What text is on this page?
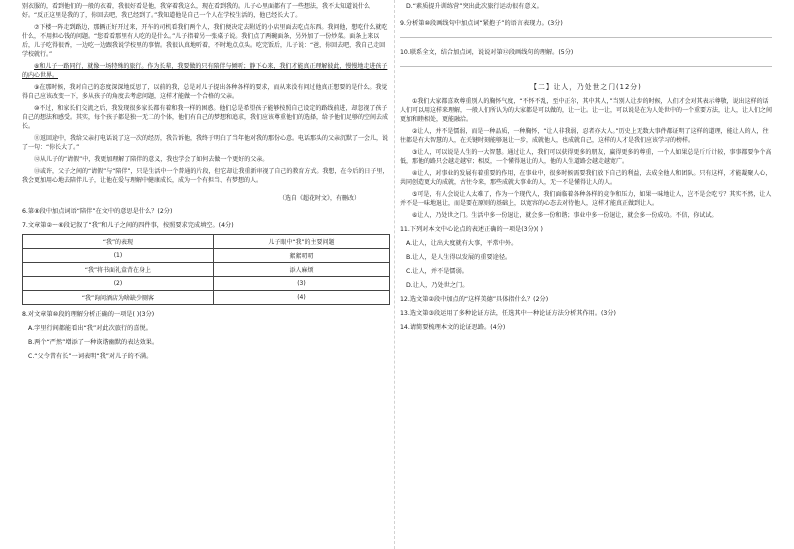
别衣服的，看到他们的一般的衣着，我很好看是他，我穿着我这么，现在看到我的。儿子心里面都有了一些想法，我不太知道说什么好。“反正这里是我的了，你回去吧，我已经到了。”我知道他是自己一个人在学校生活的，他已经长大了。

⑦下楼一阵走到路边，那辆正好开过来，开车的司机看我们两个人，我们便决定去附近的小店里面去吃点东西。我问他，想吃什么就吃什么，不用担心钱的问题。“您看看那里有人吃的是什么。”儿子指着另一张桌子说。我们点了两碗面条，另外加了一份炒菜。面条上来以后，儿子吃得很香，一边吃一边跟我说学校里的事情。我很认真地听着，不时地点点头。吃完饭后，儿子说：“爸，你回去吧，我自己走回学校就行。”

⑧和儿子一路同行，就像一场特殊的旅行。作为长辈，我要做的只有陪伴与倾听；静下心来，我们才能真正理解彼此，慢慢地走进孩子的内心世界。

⑨在那时候，我对自己的态度深深地反思了，以前的我，总是对儿子提出各种各样的要求，而从来没有问过他真正想要的是什么。我觉得自己应该改变一下，多从孩子的角度去考虑问题，这样才能做一个合格的父亲。

⑩不过，和家长们交流之后，我发现很多家长都有着和我一样的困惑。他们总是希望孩子能够按照自己设定的路线前进，却忽视了孩子自己的想法和感受。其实，每个孩子都是独一无二的个体，他们有自己的梦想和追求，我们应该尊重他们的选择，给予他们足够的空间去成长。

⑪返回途中，我给父亲打电话说了这一次的经历，我告诉他，我终于明白了当年他对我的那份心意。电话那头的父亲沉默了一会儿，说了一句：“你长大了。”

⑫从儿子的“请假”中，我更加理解了陪伴的意义，我也学会了如何去做一个更好的父亲。

⑬或许，父子之间的“请假”与“陪伴”，只是生活中一个普通的片段，但它却让我重新审视了自己的教育方式。我想，在今后的日子里，我会更加用心地去陪伴儿子，让他在爱与理解中健康成长，成为一个有担当、有梦想的人。

（选自《超花时文》，有删改）

6.第⑧段中加点词语“陪伴”在文中的意思是什么？(2分)

7.文章第②～⑥段记叙了“我”和儿子之间的四件事，按照要求完成填空。(4分)

“我”的表现	儿子眼中“我”的主要问题
(1)	絮絮叨叨
“我”将书面礼盒背在身上	添人麻烦
(2)	(3)
“我”询问酒店为啥缺少厕客	(4)

8.对文章第⑩段的理解分析正确的一项是( )(3分)

A.字里行间都能看出“我”对此次旅行的喜悦。

B.两个“严然”增添了一种诙谐幽默的表达效果。

C.“父令昔有长”一词表明“我”对儿子的不满。

D.“素质提升训练营”突出此次旅行运动很有意义。

9.分析第⑩段画线句中加点词“紧抱子”的语言表现力。(3分)

10.联系全文，结合加点词，说说对第⑫段画线句的理解。(5分)

【二】让人，乃处世之门(12分)

①我们大家都喜欢尊重别人的胸怀气度，“不怀不乱，至中正尔，其中其人，”当别人让步的时候，人们才会对其表示尊敬，说出这样的话人们可以用这样来理解，一般人们所认为的大家都是可以做的，让一让。让一让，可以说是在为人处世中的一个重要方法，让人，让人们之间更加和睦相处，更能融洽。

②让人，并不是懦弱，而是一种品质，一种胸怀，“让人非我弱，忍者亦大人。”历史上无数大事件都证明了这样的道理，能让人的人，往往都是有大智慧的人，在关键时刻能够退让一步，成就他人，也成就自己，这样的人才是我们应该学习的榜样。

③让人，可以说是人生的一大智慧。通过让人，我们可以获得更多的朋友，赢得更多的尊重，一个人如果总是斤斤计较，事事都要争个高低，那他的路只会越走越窄；相反，一个懂得退让的人，他的人生道路会越走越宽广。

④让人，对事业的发展有着重要的作用，在事业中，很多时候需要我们放下自己的利益，去成全他人和团队。只有这样，才能凝聚人心，共同创造更大的成就，古往今来，那些成就大事业的人，无一不是懂得让人的人。

⑤可是，有人会说让人太难了，作为一个现代人，我们面临着各种各样的竞争和压力，如果一味地让人，岂不是会吃亏？其实不然，让人并不是一味地退让，而是要在原则的基础上，以宽容的心态去对待他人，这样才能真正做到让人。

⑥让人，乃处世之门。生活中多一份退让，就会多一份和谐；事业中多一份退让，就会多一份成功。不信，你试试。

11.下列对本文中心论点的表述正确的一项是(3分)( )

A.让人，让出大度就有大事，平常中外。

B.让人，是人生得以发展的重要途径。

C.让人，并不是懦弱。

D.让人，乃处世之门。

12.选文第②段中加点的“这样美德”具体指什么？(2分)

13.选文第③段运用了多种论证方法，任选其中一种论证方法分析其作用。(3分)

14.请简要梳理本文的论证思路。(4分)
